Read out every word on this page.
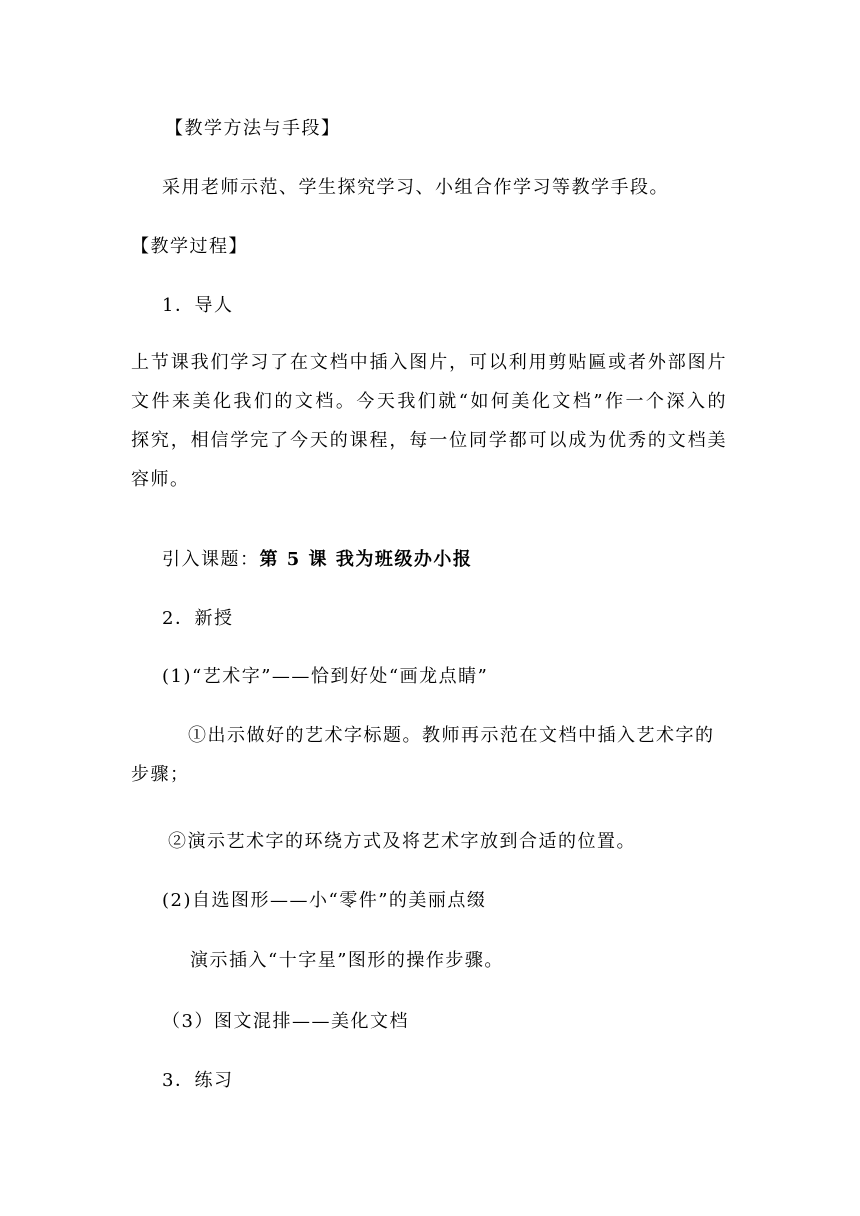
【教学方法与手段】
采用老师示范、学生探究学习、小组合作学习等教学手段。
【教学过程】
1．导人
上节课我们学习了在文档中插入图片，可以利用剪贴匾或者外部图片
文件来美化我们的文档。今天我们就“如何美化文档”作一个深入的
探究，相信学完了今天的课程，每一位同学都可以成为优秀的文档美
容师。
引入课题：第 5 课 我为班级办小报
2．新授
(1)“艺术字”——恰到好处“画龙点睛”
①出示做好的艺术字标题。教师再示范在文档中插入艺术字的
步骤；
②演示艺术字的环绕方式及将艺术字放到合适的位置。
(2)自选图形——小“零件”的美丽点缀
演示插入“十字星”图形的操作步骤。
（3）图文混排——美化文档
3．练习
